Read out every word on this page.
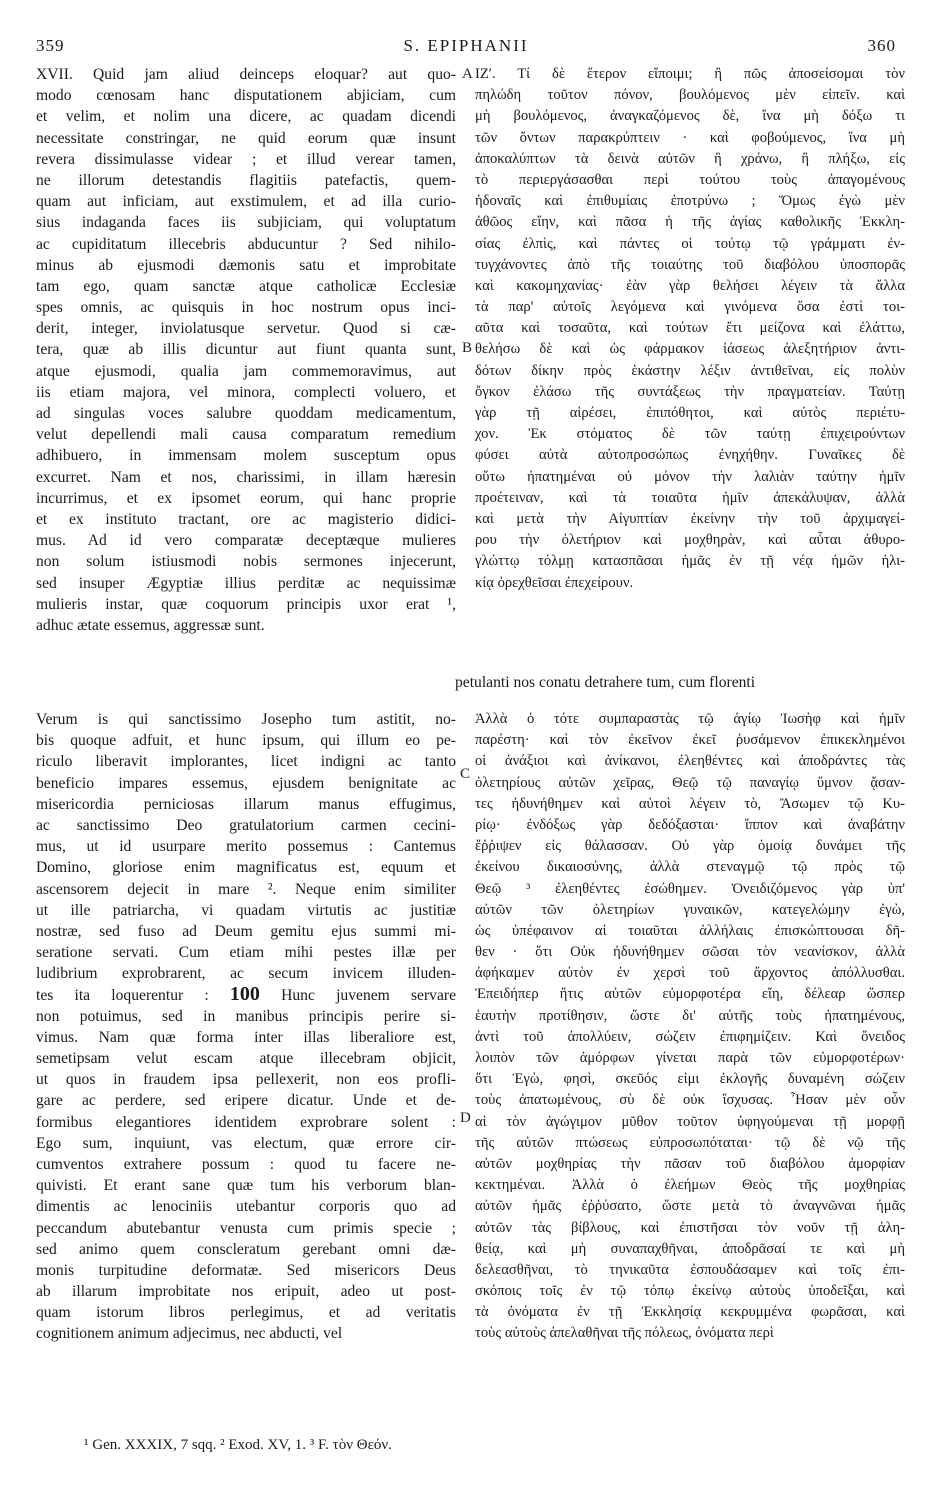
359	S. EPIPHANII	360
XVII. Quid jam aliud deinceps eloquar? aut quo-
modo cœnosam hanc disputationem abjiciam, cum
et velim, et nolim una dicere, ac quadam dicendi
necessitate constringar, ne quid eorum quæ insunt
revera dissimulasse videar ; et illud verear tamen,
ne illorum detestandis flagitiis patefactis, quem-
quam aut inficiam, aut exstimulem, et ad illa curio-
sius indaganda faces iis subjiciam, qui voluptatum
ac cupiditatum illecebris abducuntur ? Sed nihilo-
minus ab ejusmodi dæmonis satu et improbitate
tam ego, quam sanctæ atque catholicæ Ecclesiæ
spes omnis, ac quisquis in hoc nostrum opus inci-
derit, integer, inviolatusque servetur. Quod si cæ-
tera, quæ ab illis dicuntur aut fiunt quanta sunt,
atque ejusmodi, qualia jam commemoravimus, aut
iis etiam majora, vel minora, complecti voluero, et
ad singulas voces salubre quoddam medicamentum,
velut depellendi mali causa comparatum remedium
adhibuero, in immensam molem susceptum opus
excurret. Nam et nos, charissimi, in illam hæresin
incurrimus, et ex ipsomet eorum, qui hanc proprie
et ex instituto tractant, ore ac magisterio didici-
mus. Ad id vero comparatæ deceptæque mulieres
non solum istiusmodi nobis sermones injecerunt,
sed insuper Ægyptiæ illius perditæ ac nequissimæ
mulieris instar, quæ coquorum principis uxor erat ¹,
adhuc ætate essemus, aggressæ sunt.
ΙΖʹ. Τί δὲ ἕτερον εἴποιμι; ἢ πῶς ἀποσείσομαι τὸν
πηλώδη τοῦτον πόνον, βουλόμενος μὲν εἰπεῖν. καὶ
μὴ βουλόμενος, ἀναγκαζόμενος δὲ, ἵνα μὴ δόξω τι
τῶν ὄντων παρακρύπτειν · καὶ φοβούμενος, ἵνα μὴ
ἀποκαλύπτων τὰ δεινὰ αὐτῶν ἢ χράνω, ἢ πλήξω, εἰς
τὸ περιεργάσασθαι περὶ τούτου τοὺς ἀπαγομένους
ἡδοναῖς καὶ ἐπιθυμίαις ἐποτρύνω ; Ὅμως ἐγὼ μὲν
ἀθῶος εἴην, καὶ πᾶσα ἡ τῆς ἁγίας καθολικῆς Ἐκκλη-
σίας ἐλπὶς, καὶ πάντες οἱ τούτῳ τῷ γράμματι ἐν-
τυγχάνοντες ἀπὸ τῆς τοιαύτης τοῦ διαβόλου ὑποσπορᾶς
καὶ κακομηχανίας· ἐὰν γὰρ θελήσει λέγειν τὰ ἄλλα
τὰ παρ' αὐτοῖς λεγόμενα καὶ γινόμενα ὅσα ἐστὶ τοι-
αῦτα καὶ τοσαῦτα, καὶ τούτων ἔτι μείζονα καὶ ἐλάττω,
θελήσω δὲ καὶ ὡς φάρμακον ἰάσεως ἀλεξητήριον ἀντι-
δότων δίκην πρὸς ἑκάστην λέξιν ἀντιθεῖναι, εἰς πολὺν
ὄγκον ἐλάσω τῆς συντάξεως τὴν πραγματείαν. Ταύτῃ
γὰρ τῇ αἱρέσει, ἐπιπόθητοι, καὶ αὐτὸς περιέτυ-
χον. Ἐκ στόματος δὲ τῶν ταύτῃ ἐπιχειρούντων
φύσει αὐτὰ αὐτοπροσώπως ἐνηχήθην. Γυναῖκες δὲ
οὕτω ἠπατημέναι οὐ μόνον τὴν λαλιὰν ταύτην ἡμῖν
προέτειναν, καὶ τὰ τοιαῦτα ἡμῖν ἀπεκάλυψαν, ἀλλὰ
καὶ μετὰ τὴν Αἰγυπτίαν ἐκείνην τὴν τοῦ ἀρχιμαγεί-
ρου τὴν ὀλετήριον καὶ μοχθηρὰν, καὶ αὗται ἀθυρο-
γλώττῳ τόλμῃ κατασπᾶσαι ἡμᾶς ἐν τῇ νέᾳ ἡμῶν ἡλι-
κίᾳ ὀρεχθεῖσαι ἐπεχείρουν.
petulanti nos conatu detrahere tum, cum florenti
Verum is qui sanctissimo Josepho tum astitit, no-
bis quoque adfuit, et hunc ipsum, qui illum eo pe-
riculo liberavit implorantes, licet indigni ac tanto
beneficio impares essemus, ejusdem benignitate ac
misericordia perniciosas illarum manus effugimus,
ac sanctissimo Deo gratulatorium carmen cecini-
mus, ut id usurpare merito possemus : Cantemus
Domino, gloriose enim magnificatus est, equum et
ascensorem dejecit in mare ². Neque enim similiter
ut ille patriarcha, vi quadam virtutis ac justitiæ
nostræ, sed fuso ad Deum gemitu ejus summi mi-
seratione servati. Cum etiam mihi pestes illæ per
ludibrium exprobrarent, ac secum invicem illuden-
tes ita loquerentur : 100 Hunc juvenem servare
non potuimus, sed in manibus principis perire si-
vimus. Nam quæ forma inter illas liberaliore est,
semetipsam velut escam atque illecebram objicit,
ut quos in fraudem ipsa pellexerit, non eos profli-
gare ac perdere, sed eripere dicatur. Unde et de-
formibus elegantiores identidem exprobrare solent :
Ego sum, inquiunt, vas electum, quæ errore cir-
cumventos extrahere possum : quod tu facere ne-
quivisti. Et erant sane quæ tum his verborum blan-
dimentis ac lenociniis utebantur corporis quo ad
peccandum abutebantur venusta cum primis specie ;
sed animo quem conscleratum gerebant omni dæ-
monis turpitudine deformatæ. Sed misericors Deus
ab illarum improbitate nos eripuit, adeo ut post-
quam istorum libros perlegimus, et ad veritatis
cognitionem animum adjecimus, nec abducti, vel
Ἀλλὰ ὁ τότε συμπαραστὰς τῷ ἁγίῳ Ἰωσὴφ καὶ ἡμῖν
παρέστη· καὶ τὸν ἐκεῖνον ἐκεῖ ῥυσάμενον ἐπικεκλημένοι
οἱ ἀνάξιοι καὶ ἀνίκανοι, ἐλεηθέντες καὶ ἀποδράντες τὰς
ὀλετηρίους αὐτῶν χεῖρας, Θεῷ τῷ παναγίῳ ὕμνον ᾄσαν-
τες ἠδυνήθημεν καὶ αὐτοὶ λέγειν τὸ, Ἄσωμεν τῷ Κυ-
ρίῳ· ἐνδόξως γὰρ δεδόξασται· ἵππον καὶ ἀναβάτην
ἔῤῥιψεν εἰς θάλασσαν. Οὐ γὰρ ὁμοίᾳ δυνάμει τῆς
ἐκείνου δικαιοσύνης, ἀλλὰ στεναγμῷ τῷ πρὸς τῷ
Θεῷ ³ ἐλεηθέντες ἐσώθημεν. Ὀνειδιζόμενος γὰρ ὑπ'
αὐτῶν τῶν ὀλετηρίων γυναικῶν, κατεγελώμην ἐγὼ,
ὡς ὑπέφαινον αἱ τοιαῦται ἀλλήλαις ἐπισκώπτουσαι δῆ-
θεν · ὅτι Οὐκ ἠδυνήθημεν σῶσαι τὸν νεανίσκον, ἀλλὰ
ἀφήκαμεν αὐτὸν ἐν χερσὶ τοῦ ἄρχοντος ἀπόλλυσθαι.
Ἐπειδήπερ ἥτις αὐτῶν εὐμορφοτέρα εἴη, δέλεαρ ὥσπερ
ἑαυτὴν προτίθησιν, ὥστε δι' αὐτῆς τοὺς ἠπατημένους,
ἀντὶ τοῦ ἀπολλύειν, σώζειν ἐπιφημίζειν. Καὶ ὄνειδος
λοιπὸν τῶν ἀμόρφων γίνεται παρὰ τῶν εὐμορφοτέρων·
ὅτι Ἐγὼ, φησὶ, σκεῦός εἰμι ἐκλογῆς δυναμένη σώζειν
τοὺς ἀπατωμένους, σὺ δὲ οὐκ ἴσχυσας. Ἦσαν μὲν οὖν
αἱ τὸν ἀγώγιμον μῦθον τοῦτον ὑφηγούμεναι τῇ μορφῇ
τῆς αὐτῶν πτώσεως εὐπροσωπόταται· τῷ δὲ νῷ τῆς
αὐτῶν μοχθηρίας τὴν πᾶσαν τοῦ διαβόλου ἀμορφίαν
κεκτημέναι. Ἀλλὰ ὁ ἐλεήμων Θεὸς τῆς μοχθηρίας
αὐτῶν ἡμᾶς ἐῤῥύσατο, ὥστε μετὰ τὸ ἀναγνῶναι ἡμᾶς
αὐτῶν τὰς βίβλους, καὶ ἐπιστῆσαι τὸν νοῦν τῇ ἀλη-
θείᾳ, καὶ μὴ συναπαχθῆναι, ἀποδρᾶσαί τε καὶ μὴ
δελεασθῆναι, τὸ τηνικαῦτα ἐσπουδάσαμεν καὶ τοῖς ἐπι-
σκόποις τοῖς ἐν τῷ τόπῳ ἐκείνῳ αὐτοὺς ὑποδεῖξαι, καὶ
τὰ ὀνόματα ἐν τῇ Ἐκκλησίᾳ κεκρυμμένα φωρᾶσαι, καὶ
τοὺς αὐτοὺς ἀπελαθῆναι τῆς πόλεως, ὀνόματα περὶ
A
B
C
D
¹ Gen. XXXIX, 7 sqq. ² Exod. XV, 1. ³ F. τὸν Θεόν.
